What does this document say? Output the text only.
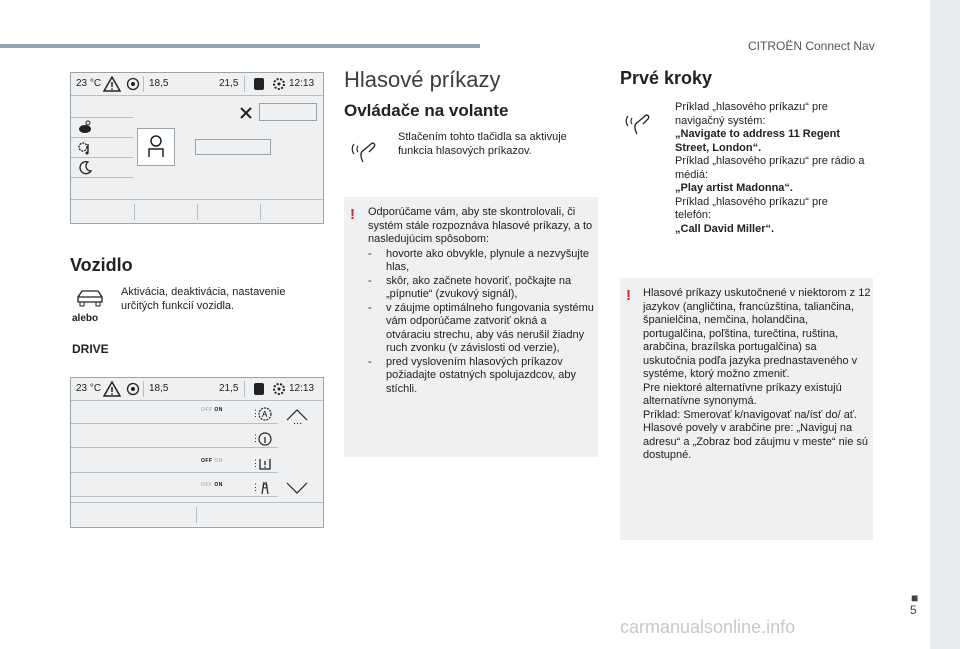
CITROËN Connect Nav
23 °C	18,5	21,5	12:13
Vozidlo
alebo
Aktivácia, deaktivácia, nastavenie určitých funkcií vozidla.
DRIVE
23 °C	18,5	21,5	12:13
OFF ON
OFF ON
OFF ON
⋮
⋮
⋮
⋮
A
...
Hlasové príkazy
Ovládače na volante
Stlačením tohto tlačidla sa aktivuje funkcia hlasových príkazov.
! Odporúčame vám, aby ste skontrolovali, či systém stále rozpoznáva hlasové príkazy, a to nasledujúcim spôsobom:
- hovorte ako obvykle, plynule a nezvyšujte hlas,
- skôr, ako začnete hovoriť, počkajte na „pípnutie“ (zvukový signál),
- v záujme optimálneho fungovania systému vám odporúčame zatvoriť okná a otváraciu strechu, aby vás nerušil žiadny ruch zvonku (v závislosti od verzie),
- pred vyslovením hlasových príkazov požiadajte ostatných spolujazdcov, aby stíchli.
Prvé kroky
Príklad „hlasového príkazu“ pre navigačný systém:
„Navigate to address 11 Regent Street, London“.
Príklad „hlasového príkazu“ pre rádio a médiá:
„Play artist Madonna“.
Príklad „hlasového príkazu“ pre telefón:
„Call David Miller“.
! Hlasové príkazy uskutočnené v niektorom z 12 jazykov (angličtina, francúzština, taliančina, španielčina, nemčina, holandčina, portugalčina, poľština, turečtina, ruština, arabčina, brazílska portugalčina) sa uskutočnia podľa jazyka prednastaveného v systéme, ktorý možno zmeniť.
Pre niektoré alternatívne príkazy existujú alternatívne synonymá.
Príklad: Smerovať k/navigovať na/ísť do/ ať.
Hlasové povely v arabčine pre: „Naviguj na adresu“ a „Zobraz bod záujmu v meste“ nie sú dostupné.
■
5
carmanualsonline.info
